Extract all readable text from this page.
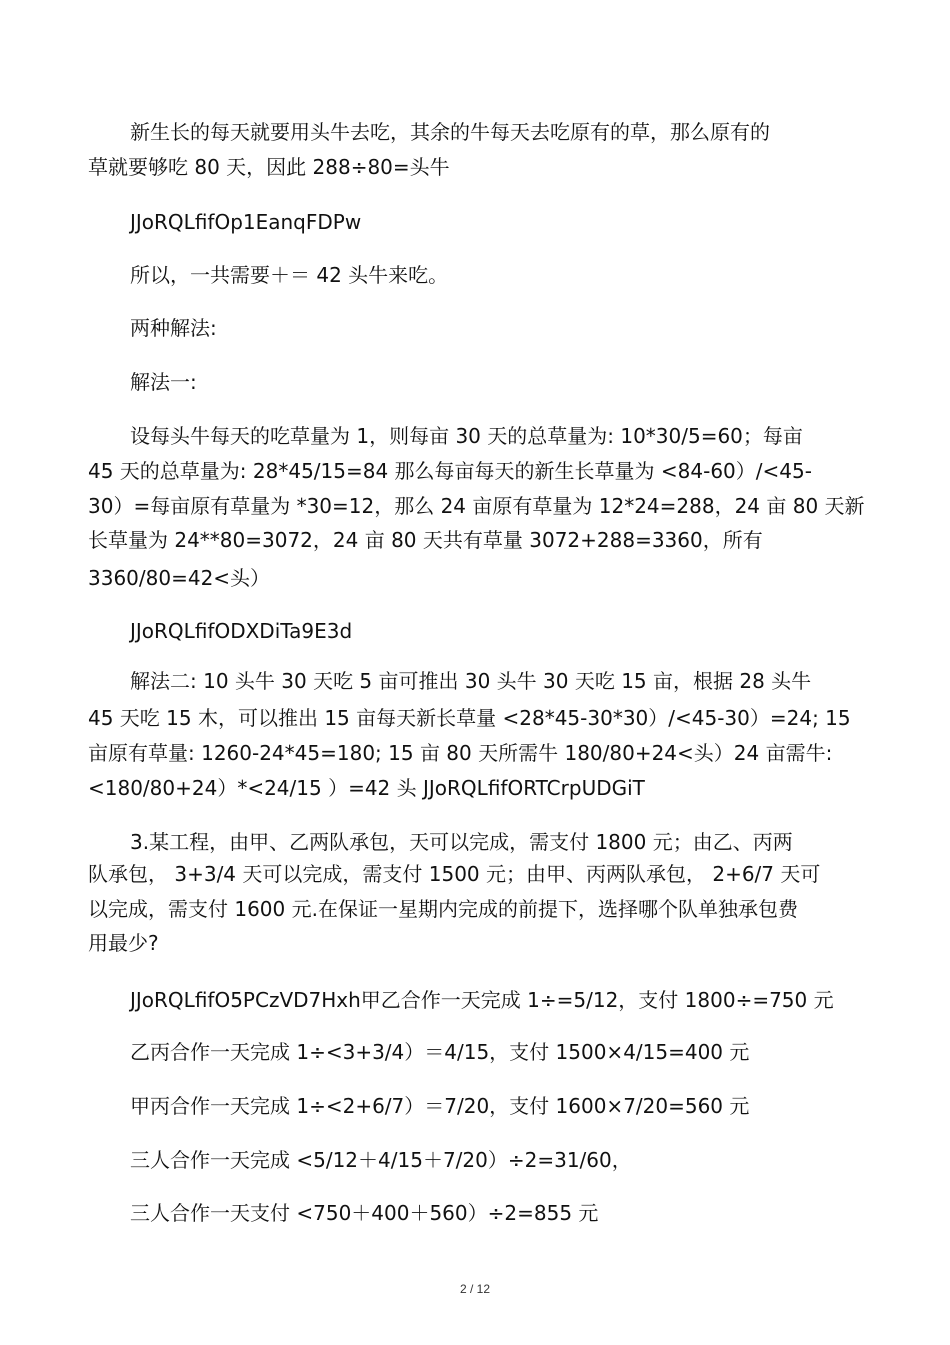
新生长的每天就要用头牛去吃，其余的牛每天去吃原有的草，那么原有的
草就要够吃 80 天，因此 288÷80=头牛
JJoRQLfifOp1EanqFDPw
所以，一共需要＋＝ 42 头牛来吃。
两种解法:
解法一:
设每头牛每天的吃草量为 1，则每亩 30 天的总草量为: 10*30/5=60；每亩
45 天的总草量为: 28*45/15=84 那么每亩每天的新生长草量为 <84-60）/<45-
30）=每亩原有草量为 *30=12，那么 24 亩原有草量为 12*24=288，24 亩 80 天新
长草量为 24**80=3072，24 亩 80 天共有草量 3072+288=3360，所有
3360/80=42<头）
JJoRQLfifODXDiTa9E3d
解法二: 10 头牛 30 天吃 5 亩可推出 30 头牛 30 天吃 15 亩，根据 28 头牛
45 天吃 15 木，可以推出 15 亩每天新长草量 <28*45-30*30）/<45-30）=24; 15
亩原有草量: 1260-24*45=180; 15 亩 80 天所需牛 180/80+24<头）24 亩需牛:
<180/80+24）*<24/15 ）=42 头 JJoRQLfifORTCrpUDGiT
3.某工程，由甲、乙两队承包，天可以完成，需支付 1800 元；由乙、丙两
队承包， 3+3/4 天可以完成，需支付 1500 元；由甲、丙两队承包， 2+6/7 天可
以完成，需支付 1600 元.在保证一星期内完成的前提下，选择哪个队单独承包费
用最少?
JJoRQLfifO5PCzVD7Hxh甲乙合作一天完成 1÷=5/12，支付 1800÷=750 元
乙丙合作一天完成 1÷<3+3/4）＝4/15，支付 1500×4/15=400 元
甲丙合作一天完成 1÷<2+6/7）＝7/20，支付 1600×7/20=560 元
三人合作一天完成 <5/12＋4/15＋7/20）÷2=31/60，
三人合作一天支付 <750＋400＋560）÷2=855 元
2 / 12
